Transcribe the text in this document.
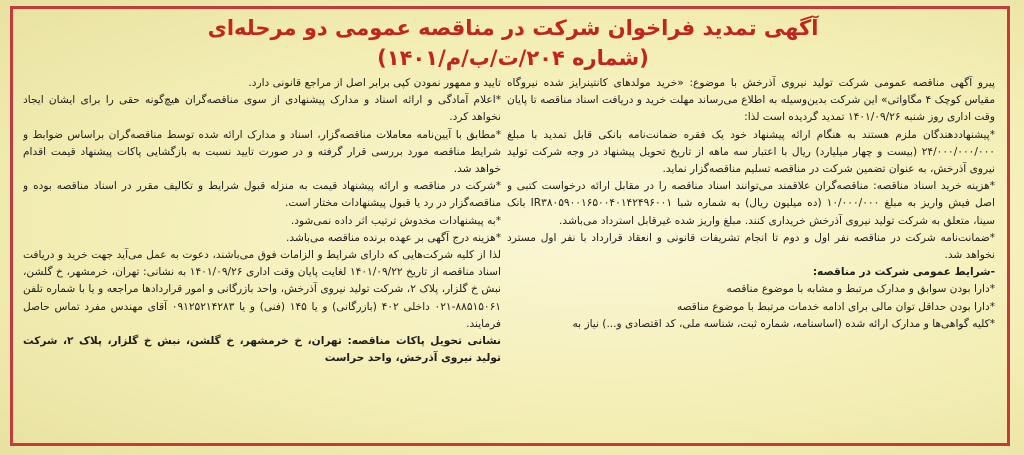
آگهی تمدید فراخوان شرکت در مناقصه عمومی دو مرحله‌ای
(شماره ۲۰۴/ت/ب/م/۱۴۰۱)

پیرو آگهی مناقصه عمومی شرکت تولید نیروی آذرخش با موضوع: «خرید مولدهای کانتینرایز شده نیروگاه مقیاس کوچک ۴ مگاواتی» این شرکت بدین‌وسیله به اطلاع می‌رساند مهلت خرید و دریافت اسناد مناقصه تا پایان وقت اداری روز شنبه ۱۴۰۱/۰۹/۲۶ تمدید گردیده است لذا:

*پیشنهاددهندگان ملزم هستند به هنگام ارائه پیشنهاد خود یک فقره ضمانت‌نامه بانکی قابل تمدید با مبلغ ۲۴/۰۰۰/۰۰۰/۰۰۰ (بیست و چهار میلیارد) ریال با اعتبار سه ماهه از تاریخ تحویل پیشنهاد در وجه شرکت تولید نیروی آذرخش، به عنوان تضمین شرکت در مناقصه تسلیم مناقصه‌گزار نماید.

*هزینه خرید اسناد مناقصه: مناقصه‌گران علاقمند می‌توانند اسناد مناقصه را در مقابل ارائه درخواست کتبی و اصل فیش واریز به مبلغ ۱۰/۰۰۰/۰۰۰ (ده میلیون ریال) به شماره شبا IR۳۸۰۵۹۰۰۱۶۵۰۰۴۰۱۴۲۴۹۶۰۰۱ بانک سینا، متعلق به شرکت تولید نیروی آذرخش خریداری کنند. مبلغ واریز شده غیرقابل استرداد می‌باشد.

*ضمانت‌نامه شرکت در مناقصه نفر اول و دوم تا انجام تشریفات قانونی و انعقاد قرارداد با نفر اول مسترد نخواهد شد.

-شرایط عمومی شرکت در مناقصه:

*دارا بودن سوابق و مدارک مرتبط و مشابه با موضوع مناقصه

*دارا بودن حداقل توان مالی برای ادامه خدمات مرتبط با موضوع مناقصه

*کلیه گواهی‌ها و مدارک ارائه شده (اساسنامه، شماره ثبت، شناسه ملی، کد اقتصادی و...) نیاز به

تایید و ممهور نمودن کپی برابر اصل از مراجع قانونی دارد.

*اعلام آمادگی و ارائه اسناد و مدارک پیشنهادی از سوی مناقصه‌گران هیچ‌گونه حقی را برای ایشان ایجاد نخواهد کرد.

*مطابق با آیین‌نامه معاملات مناقصه‌گزار، اسناد و مدارک ارائه شده توسط مناقصه‌گران براساس ضوابط و شرایط مناقصه مورد بررسی قرار گرفته و در صورت تایید نسبت به بازگشایی پاکات پیشنهاد قیمت اقدام خواهد شد.

*شرکت در مناقصه و ارائه پیشنهاد قیمت به منزله قبول شرایط و تکالیف مقرر در اسناد مناقصه بوده و مناقصه‌گزار در رد یا قبول پیشنهادات مختار است.

*به پیشنهادات مخدوش ترتیب اثر داده نمی‌شود.

*هزینه درج آگهی بر عهده برنده مناقصه می‌باشد.

لذا از کلیه شرکت‌هایی که دارای شرایط و الزامات فوق می‌باشند، دعوت به عمل می‌آید جهت خرید و دریافت اسناد مناقصه از تاریخ ۱۴۰۱/۰۹/۲۲ لغایت پایان وقت اداری ۱۴۰۱/۰۹/۲۶ به نشانی: تهران، خرمشهر، خ گلشن، نبش خ گلزار، پلاک ۲، شرکت تولید نیروی آذرخش، واحد بازرگانی و امور قراردادها مراجعه و یا با شماره تلفن ۸۸۵۱۵۰۶۱-۰۲۱ داخلی ۴۰۲ (بازرگانی) و یا ۱۴۵ (فنی) و یا ۰۹۱۲۵۲۱۴۲۸۳ آقای مهندس مفرد تماس حاصل فرمایند.

نشانی تحویل پاکات مناقصه: تهران، خ خرمشهر، خ گلشن، نبش خ گلزار، پلاک ۲، شرکت تولید نیروی آذرخش، واحد حراست
